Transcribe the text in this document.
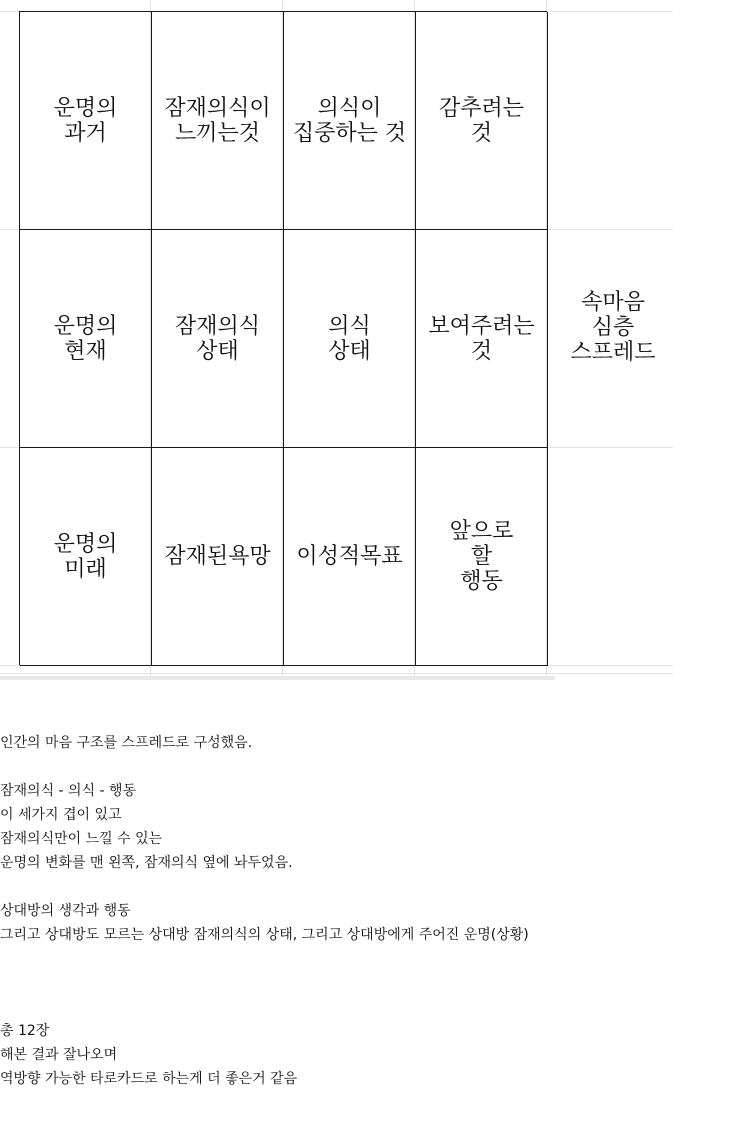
운명의
과거
잠재의식이
느끼는것
의식이
집중하는 것
감추려는
것
운명의
현재
잠재의식
상태
의식
상태
보여주려는
것
운명의
미래	잠재된욕망	이성적목표
앞으로
할
행동
속마음
심층
스프레드

인간의 마음 구조를 스프레드로 구성했음.

잠재의식 - 의식 - 행동

이 세가지 겹이 있고

잠재의식만이 느낄 수 있는

운명의 변화를 맨 왼쪽, 잠재의식 옆에 놔두었음.

상대방의 생각과 행동

그리고 상대방도 모르는 상대방 잠재의식의 상태, 그리고 상대방에게 주어진 운명(상황)

총 12장

해본 결과 잘나오며

역방향 가능한 타로카드로 하는게 더 좋은거 같음
